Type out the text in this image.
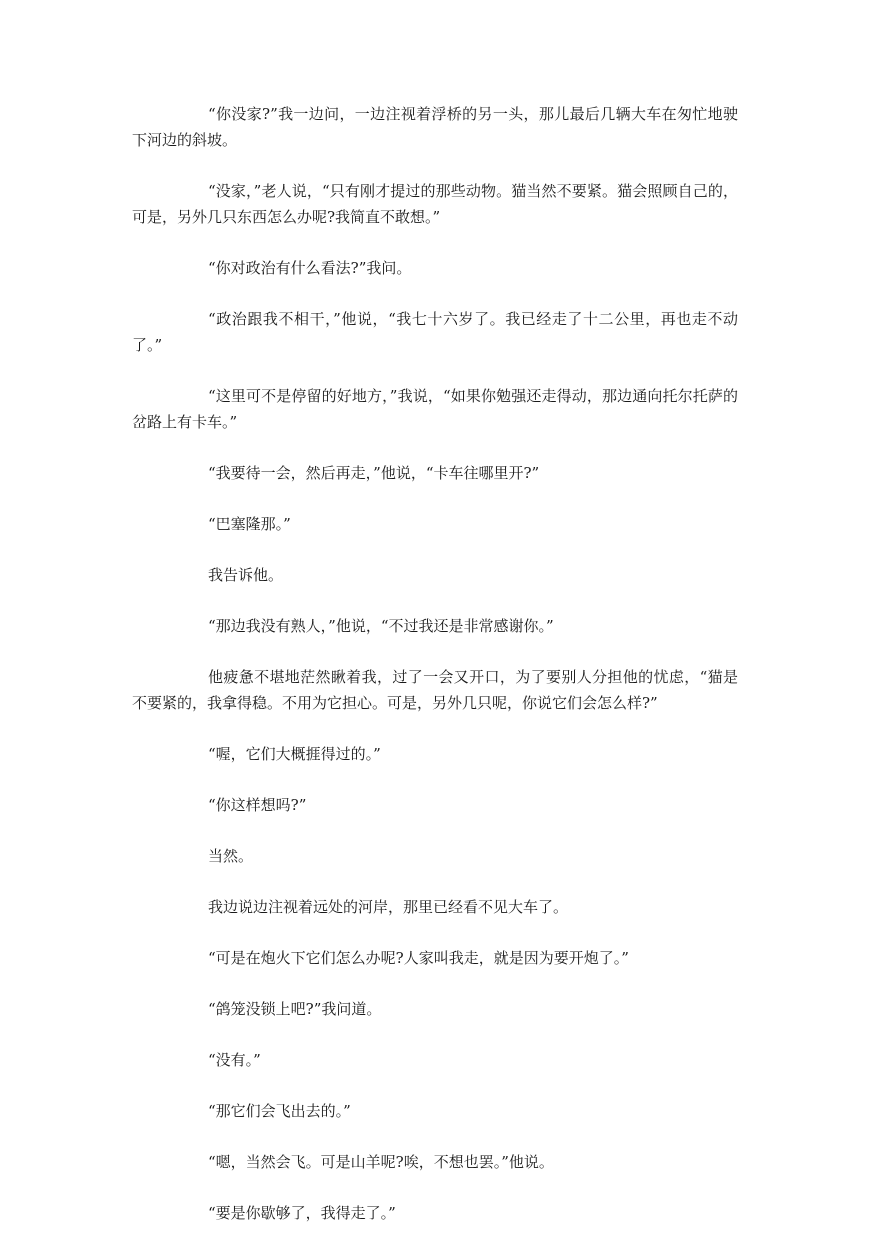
“你没家?”我一边问，一边注视着浮桥的另一头，那儿最后几辆大车在匆忙地驶下河边的斜坡。

“没家，”老人说，“只有刚才提过的那些动物。猫当然不要紧。猫会照顾自己的，可是，另外几只东西怎么办呢?我简直不敢想。”

“你对政治有什么看法?”我问。

“政治跟我不相干，”他说，“我七十六岁了。我已经走了十二公里，再也走不动了。”

“这里可不是停留的好地方，”我说，“如果你勉强还走得动，那边通向托尔托萨的岔路上有卡车。”

“我要待一会，然后再走，”他说，“卡车往哪里开?”

“巴塞隆那。”

我告诉他。

“那边我没有熟人，”他说，“不过我还是非常感谢你。”

他疲惫不堪地茫然瞅着我，过了一会又开口，为了要别人分担他的忧虑，“猫是不要紧的，我拿得稳。不用为它担心。可是，另外几只呢，你说它们会怎么样?”

“喔，它们大概捱得过的。”

“你这样想吗?”

当然。

我边说边注视着远处的河岸，那里已经看不见大车了。

“可是在炮火下它们怎么办呢?人家叫我走，就是因为要开炮了。”

“鸽笼没锁上吧?”我问道。

“没有。”

“那它们会飞出去的。”

“嗯，当然会飞。可是山羊呢?唉，不想也罢。”他说。

“要是你歇够了，我得走了。”
